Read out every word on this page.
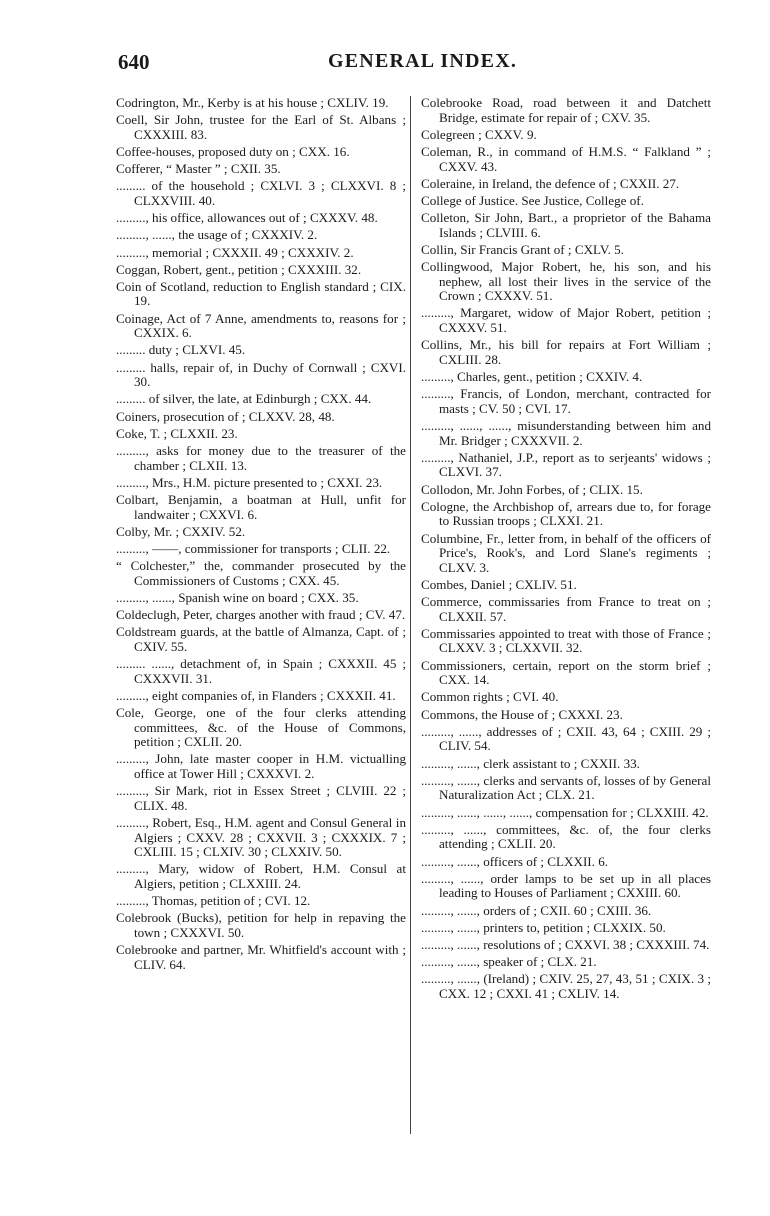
640	GENERAL INDEX.

Codrington, Mr., Kerby is at his house ; CXLIV. 19.

Coell, Sir John, trustee for the Earl of St. Albans ; CXXXIII. 83.

Coffee-houses, proposed duty on ; CXX. 16.

Cofferer, “ Master ” ; CXII. 35.

......... of the household ; CXLVI. 3 ; CLXXVI. 8 ; CLXXVIII. 40.

........., his office, allowances out of ; CXXXV. 48.

........., ......, the usage of ; CXXXIV. 2.

........., memorial ; CXXXII. 49 ; CXXXIV. 2.

Coggan, Robert, gent., petition ; CXXXIII. 32.

Coin of Scotland, reduction to English standard ; CIX. 19.

Coinage, Act of 7 Anne, amendments to, reasons for ; CXXIX. 6.

......... duty ; CLXVI. 45.

......... halls, repair of, in Duchy of Cornwall ; CXVI. 30.

......... of silver, the late, at Edinburgh ; CXX. 44.

Coiners, prosecution of ; CLXXV. 28, 48.

Coke, T. ; CLXXII. 23.

........., asks for money due to the treasurer of the chamber ; CLXII. 13.

........., Mrs., H.M. picture presented to ; CXXI. 23.

Colbart, Benjamin, a boatman at Hull, unfit for landwaiter ; CXXVI. 6.

Colby, Mr. ; CXXIV. 52.

........., ——, commissioner for transports ; CLII. 22.

“ Colchester,” the, commander prosecuted by the Commissioners of Customs ; CXX. 45.

........., ......, Spanish wine on board ; CXX. 35.

Coldeclugh, Peter, charges another with fraud ; CV. 47.

Coldstream guards, at the battle of Almanza, Capt. of ; CXIV. 55.

......... ......, detachment of, in Spain ; CXXXII. 45 ; CXXXVII. 31.

........., eight companies of, in Flanders ; CXXXII. 41.

Cole, George, one of the four clerks attending committees, &c. of the House of Commons, petition ; CXLII. 20.

........., John, late master cooper in H.M. victualling office at Tower Hill ; CXXXVI. 2.

........., Sir Mark, riot in Essex Street ; CLVIII. 22 ; CLIX. 48.

........., Robert, Esq., H.M. agent and Consul General in Algiers ; CXXV. 28 ; CXXVII. 3 ; CXXXIX. 7 ; CXLIII. 15 ; CLXIV. 30 ; CLXXIV. 50.

........., Mary, widow of Robert, H.M. Consul at Algiers, petition ; CLXXIII. 24.

........., Thomas, petition of ; CVI. 12.

Colebrook (Bucks), petition for help in repaving the town ; CXXXVI. 50.

Colebrooke and partner, Mr. Whitfield's account with ; CLIV. 64.

Colebrooke Road, road between it and Datchett Bridge, estimate for repair of ; CXV. 35.

Colegreen ; CXXV. 9.

Coleman, R., in command of H.M.S. “ Falkland ” ; CXXV. 43.

Coleraine, in Ireland, the defence of ; CXXII. 27.

College of Justice. See Justice, College of.

Colleton, Sir John, Bart., a proprietor of the Bahama Islands ; CLVIII. 6.

Collin, Sir Francis Grant of ; CXLV. 5.

Collingwood, Major Robert, he, his son, and his nephew, all lost their lives in the service of the Crown ; CXXXV. 51.

........., Margaret, widow of Major Robert, petition ; CXXXV. 51.

Collins, Mr., his bill for repairs at Fort William ; CXLIII. 28.

........., Charles, gent., petition ; CXXIV. 4.

........., Francis, of London, merchant, contracted for masts ; CV. 50 ; CVI. 17.

........., ......, ......, misunderstanding between him and Mr. Bridger ; CXXXVII. 2.

........., Nathaniel, J.P., report as to serjeants' widows ; CLXVI. 37.

Collodon, Mr. John Forbes, of ; CLIX. 15.

Cologne, the Archbishop of, arrears due to, for forage to Russian troops ; CLXXI. 21.

Columbine, Fr., letter from, in behalf of the officers of Price's, Rook's, and Lord Slane's regiments ; CLXV. 3.

Combes, Daniel ; CXLIV. 51.

Commerce, commissaries from France to treat on ; CLXXII. 57.

Commissaries appointed to treat with those of France ; CLXXV. 3 ; CLXXVII. 32.

Commissioners, certain, report on the storm brief ; CXX. 14.

Common rights ; CVI. 40.

Commons, the House of ; CXXXI. 23.

........., ......, addresses of ; CXII. 43, 64 ; CXIII. 29 ; CLIV. 54.

........., ......, clerk assistant to ; CXXII. 33.

........., ......, clerks and servants of, losses of by General Naturalization Act ; CLX. 21.

........., ......, ......, ......, compensation for ; CLXXIII. 42.

........., ......, committees, &c. of, the four clerks attending ; CXLII. 20.

........., ......, officers of ; CLXXII. 6.

........., ......, order lamps to be set up in all places leading to Houses of Parliament ; CXXIII. 60.

........., ......, orders of ; CXII. 60 ; CXIII. 36.

........., ......, printers to, petition ; CLXXIX. 50.

........., ......, resolutions of ; CXXVI. 38 ; CXXXIII. 74.

........., ......, speaker of ; CLX. 21.

........., ......, (Ireland) ; CXIV. 25, 27, 43, 51 ; CXIX. 3 ; CXX. 12 ; CXXI. 41 ; CXLIV. 14.
